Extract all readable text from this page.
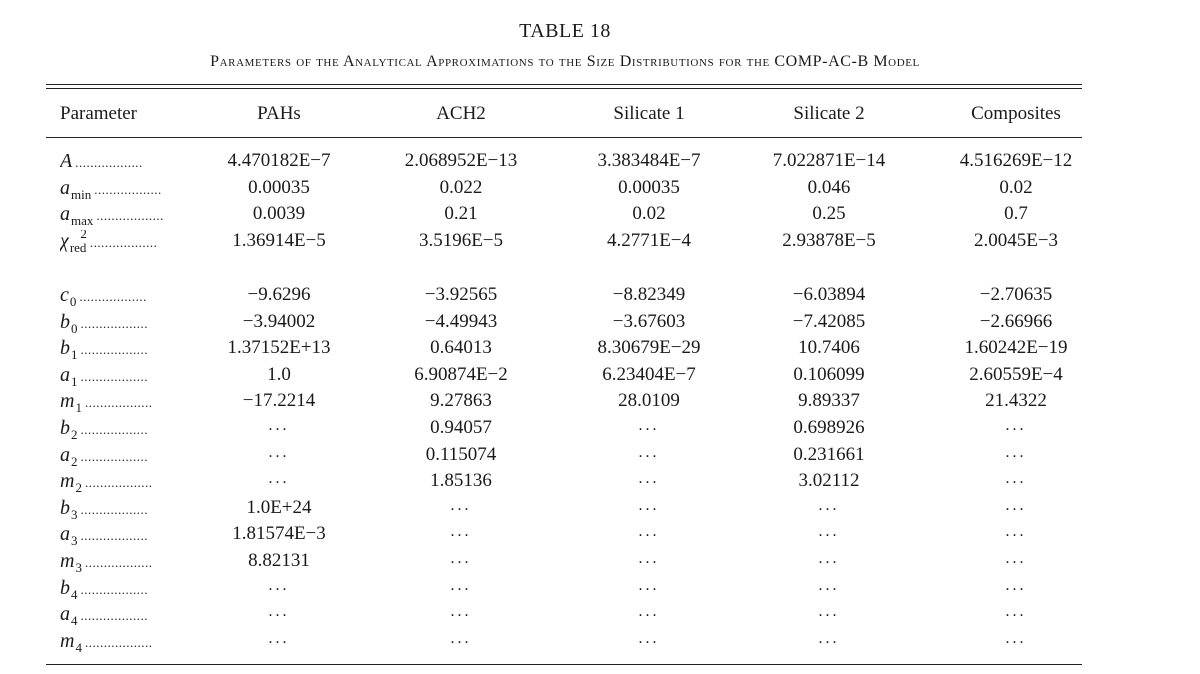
TABLE 18
Parameters of the Analytical Approximations to the Size Distributions for the COMP-AC-B Model
Parameter	PAHs	ACH2	Silicate 1	Silicate 2	Composites
A ..................	4.470182E−7	2.068952E−13	3.383484E−7	7.022871E−14	4.516269E−12
$a_{min}$ ..................	0.00035	0.022	0.00035	0.046	0.02
$a_{max}$ ..................	0.0039	0.21	0.02	0.25	0.7
$\chi_{red}^2$..................	1.36914E−5	3.5196E−5	4.2771E−4	2.93878E−5	2.0045E−3
$c_0$ ..................	−9.6296	−3.92565	−8.82349	−6.03894	−2.70635
$b_0$ ..................	−3.94002	−4.49943	−3.67603	−7.42085	−2.66966
$b_1$ ..................	1.37152E+13	0.64013	8.30679E−29	10.7406	1.60242E−19
$a_1$ ..................	1.0	6.90874E−2	6.23404E−7	0.106099	2.60559E−4
$m_1$ ..................	−17.2214	9.27863	28.0109	9.89337	21.4322
$b_2$ ..................	...	0.94057	...	0.698926	...
$a_2$ ..................	...	0.115074	...	0.231661	...
$m_2$ ..................	...	1.85136	...	3.02112	...
$b_3$ ..................	1.0E+24	...	...	...	...
$a_3$ ..................	1.81574E−3	...	...	...	...
$m_3$ ..................	8.82131	...	...	...	...
$b_4$ ..................	...	...	...	...	...
$a_4$ ..................	...	...	...	...	...
$m_4$ ..................	...	...	...	...	...
